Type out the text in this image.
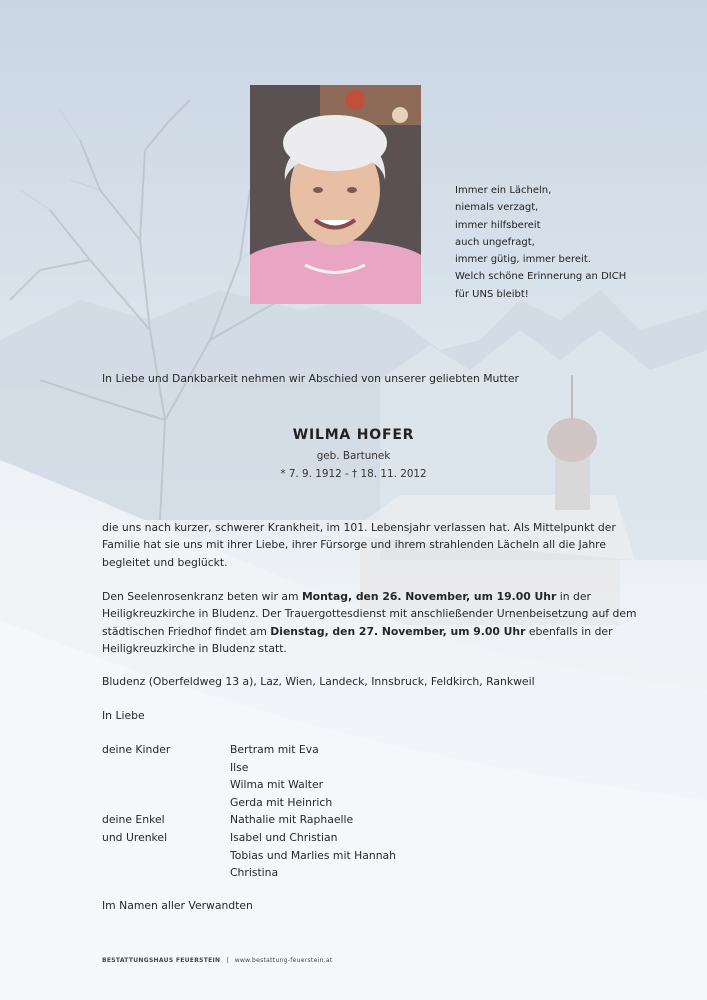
Immer ein Lächeln,
niemals verzagt,
immer hilfsbereit
auch ungefragt,
immer gütig, immer bereit.
Welch schöne Erinnerung an DICH
für UNS bleibt!
In Liebe und Dankbarkeit nehmen wir Abschied von unserer geliebten Mutter
WILMA HOFER
geb. Bartunek
* 7. 9. 1912 - † 18. 11. 2012
die uns nach kurzer, schwerer Krankheit, im 101. Lebensjahr verlassen hat. Als Mittelpunkt der Familie hat sie uns mit ihrer Liebe, ihrer Fürsorge und ihrem strahlenden Lächeln all die Jahre begleitet und beglückt.
Den Seelenrosenkranz beten wir am Montag, den 26. November, um 19.00 Uhr in der Heiligkreuzkirche in Bludenz. Der Trauergottesdienst mit anschließender Urnenbeisetzung auf dem städtischen Friedhof findet am Dienstag, den 27. November, um 9.00 Uhr ebenfalls in der Heiligkreuzkirche in Bludenz statt.
Bludenz (Oberfeldweg 13 a), Laz, Wien, Landeck, Innsbruck, Feldkirch, Rankweil
In Liebe
deine Kinder
deine Enkel
und Urenkel
Bertram mit Eva
Ilse
Wilma mit Walter
Gerda mit Heinrich
Nathalie mit Raphaelle
Isabel und Christian
Tobias und Marlies mit Hannah
Christina
Im Namen aller Verwandten
BESTATTUNGSHAUS FEUERSTEIN | www.bestattung-feuerstein.at
